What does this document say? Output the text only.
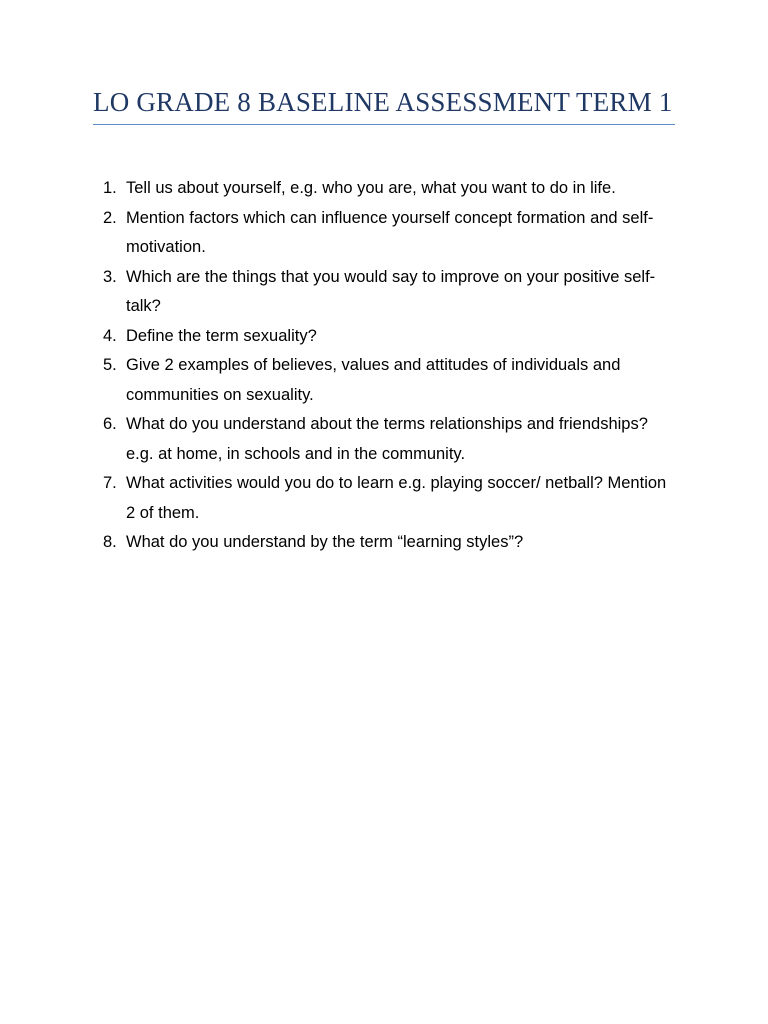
LO GRADE 8 BASELINE ASSESSMENT TERM 1
1. Tell us about yourself, e.g. who you are, what you want to do in life.
2. Mention factors which can influence yourself concept formation and self-motivation.
3. Which are the things that you would say to improve on your positive self-talk?
4. Define the term sexuality?
5. Give 2 examples of believes, values and attitudes of individuals and communities on sexuality.
6. What do you understand about the terms relationships and friendships? e.g. at home, in schools and in the community.
7. What activities would you do to learn e.g. playing soccer/ netball? Mention 2 of them.
8. What do you understand by the term “learning styles”?
